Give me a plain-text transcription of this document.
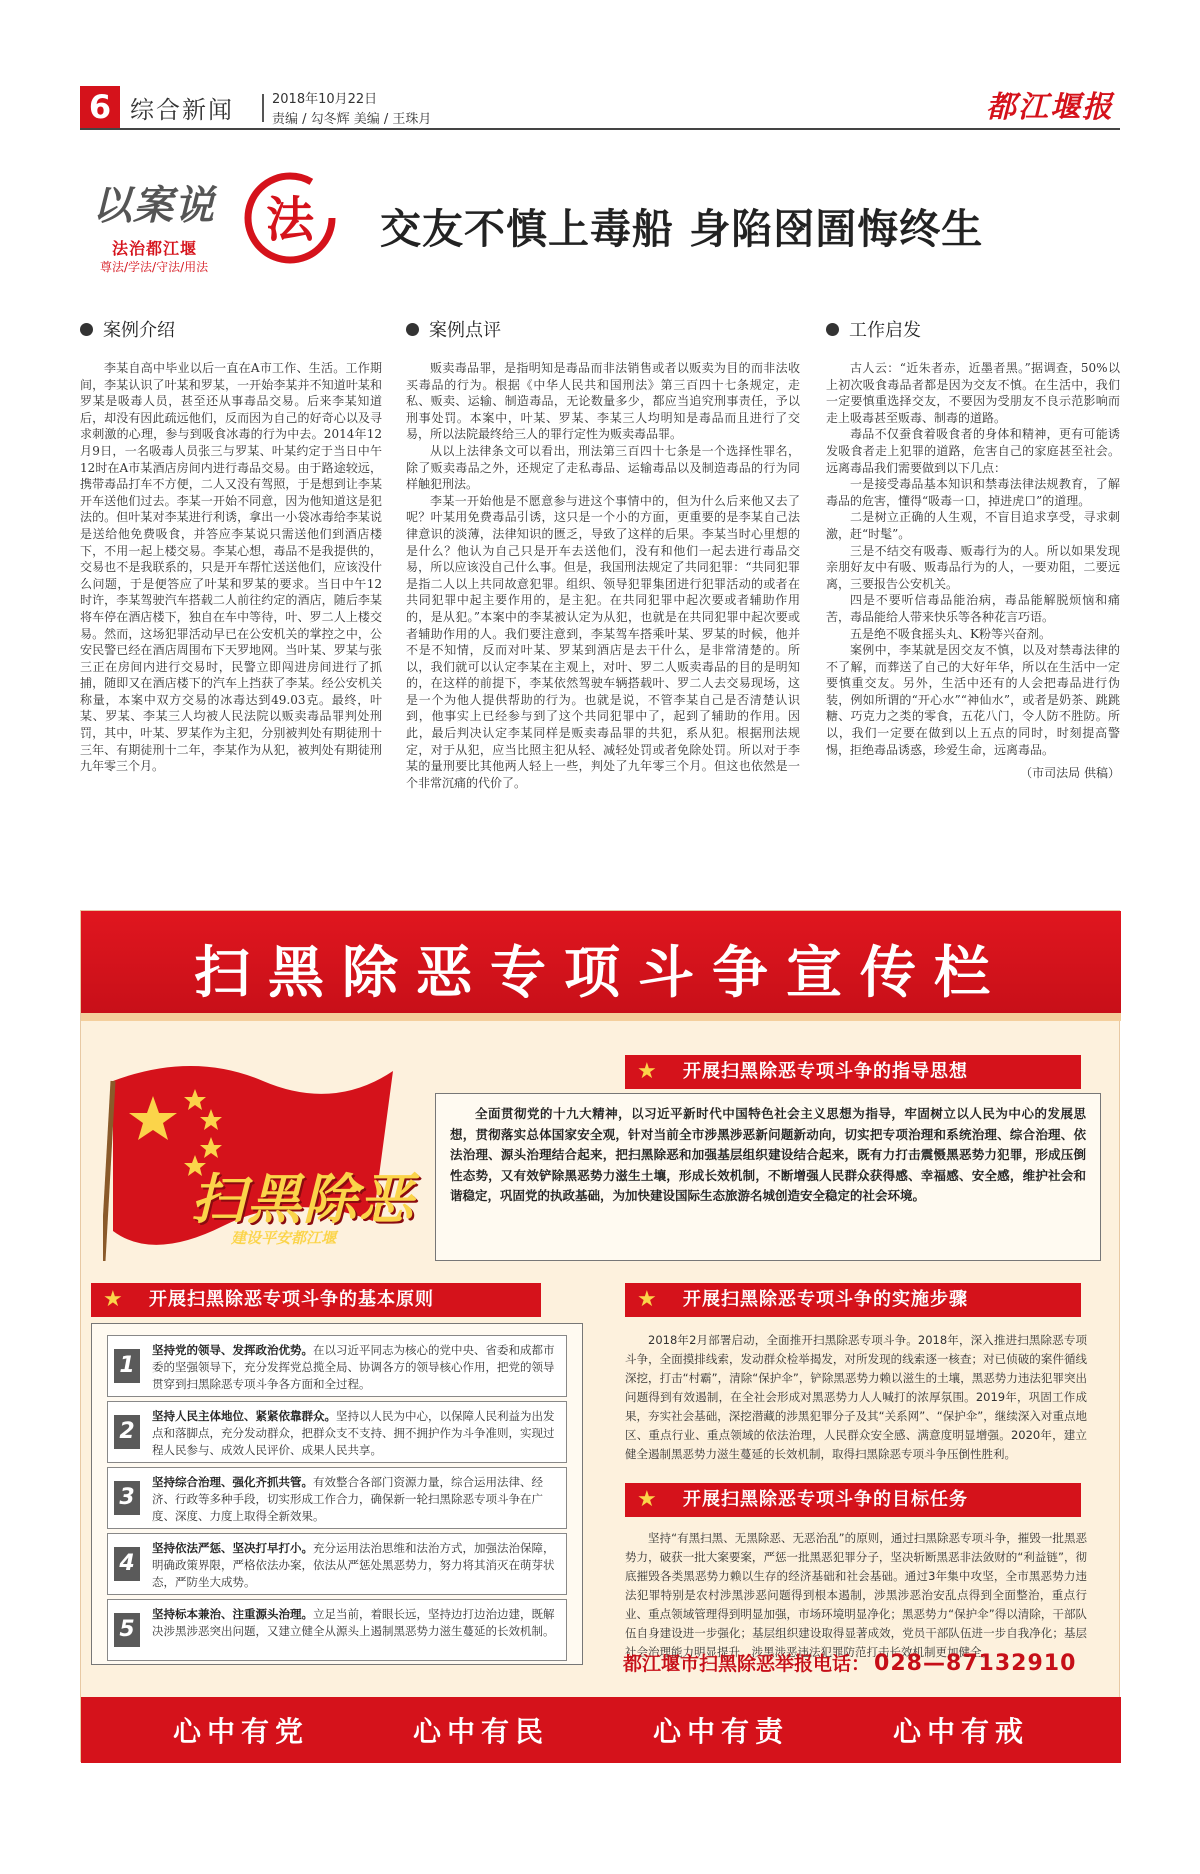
6 综合新闻	2018年10月22日
责编 / 勾冬辉 美编 / 王珠月	都江堰报
以案说 法
法治都江堰
尊法/学法/守法/用法
交友不慎上毒船 身陷囹圄悔终生
案例介绍

李某自高中毕业以后一直在A市工作、生活。工作期间，李某认识了叶某和罗某，一开始李某并不知道叶某和罗某是吸毒人员，甚至还从事毒品交易。后来李某知道后，却没有因此疏远他们，反而因为自己的好奇心以及寻求刺激的心理，参与到吸食冰毒的行为中去。2014年12月9日，一名吸毒人员张三与罗某、叶某约定于当日中午12时在A市某酒店房间内进行毒品交易。由于路途较远，携带毒品打车不方便，二人又没有驾照，于是想到让李某开车送他们过去。李某一开始不同意，因为他知道这是犯法的。但叶某对李某进行利诱，拿出一小袋冰毒给李某说是送给他免费吸食，并答应李某说只需送他们到酒店楼下，不用一起上楼交易。李某心想，毒品不是我提供的，交易也不是我联系的，只是开车帮忙送送他们，应该没什么问题，于是便答应了叶某和罗某的要求。当日中午12时许，李某驾驶汽车搭载二人前往约定的酒店，随后李某将车停在酒店楼下，独自在车中等待，叶、罗二人上楼交易。然而，这场犯罪活动早已在公安机关的掌控之中，公安民警已经在酒店周围布下天罗地网。当叶某、罗某与张三正在房间内进行交易时，民警立即闯进房间进行了抓捕，随即又在酒店楼下的汽车上挡获了李某。经公安机关称量，本案中双方交易的冰毒达到49.03克。最终，叶某、罗某、李某三人均被人民法院以贩卖毒品罪判处刑罚，其中，叶某、罗某作为主犯，分别被判处有期徒刑十三年、有期徒刑十二年，李某作为从犯，被判处有期徒刑九年零三个月。

案例点评

贩卖毒品罪，是指明知是毒品而非法销售或者以贩卖为目的而非法收买毒品的行为。根据《中华人民共和国刑法》第三百四十七条规定，走私、贩卖、运输、制造毒品，无论数量多少，都应当追究刑事责任，予以刑事处罚。本案中，叶某、罗某、李某三人均明知是毒品而且进行了交易，所以法院最终给三人的罪行定性为贩卖毒品罪。

从以上法律条文可以看出，刑法第三百四十七条是一个选择性罪名，除了贩卖毒品之外，还规定了走私毒品、运输毒品以及制造毒品的行为同样触犯刑法。

李某一开始他是不愿意参与进这个事情中的，但为什么后来他又去了呢？叶某用免费毒品引诱，这只是一个小的方面，更重要的是李某自己法律意识的淡薄，法律知识的匮乏，导致了这样的后果。李某当时心里想的是什么？他认为自己只是开车去送他们，没有和他们一起去进行毒品交易，所以应该没自己什么事。但是，我国刑法规定了共同犯罪：“共同犯罪是指二人以上共同故意犯罪。组织、领导犯罪集团进行犯罪活动的或者在共同犯罪中起主要作用的，是主犯。在共同犯罪中起次要或者辅助作用的，是从犯。”本案中的李某被认定为从犯，也就是在共同犯罪中起次要或者辅助作用的人。我们要注意到，李某驾车搭乘叶某、罗某的时候，他并不是不知情，反而对叶某、罗某到酒店是去干什么，是非常清楚的。所以，我们就可以认定李某在主观上，对叶、罗二人贩卖毒品的目的是明知的，在这样的前提下，李某依然驾驶车辆搭载叶、罗二人去交易现场，这是一个为他人提供帮助的行为。也就是说，不管李某自己是否清楚认识到，他事实上已经参与到了这个共同犯罪中了，起到了辅助的作用。因此，最后判决认定李某同样是贩卖毒品罪的共犯，系从犯。根据刑法规定，对于从犯，应当比照主犯从轻、减轻处罚或者免除处罚。所以对于李某的量刑要比其他两人轻上一些，判处了九年零三个月。但这也依然是一个非常沉痛的代价了。

工作启发

古人云：“近朱者赤，近墨者黑。”据调查，50%以上初次吸食毒品者都是因为交友不慎。在生活中，我们一定要慎重选择交友，不要因为受朋友不良示范影响而走上吸毒甚至贩毒、制毒的道路。

毒品不仅蚕食着吸食者的身体和精神，更有可能诱发吸食者走上犯罪的道路，危害自己的家庭甚至社会。远离毒品我们需要做到以下几点：

一是接受毒品基本知识和禁毒法律法规教育，了解毒品的危害，懂得“吸毒一口，掉进虎口”的道理。

二是树立正确的人生观，不盲目追求享受，寻求刺激，赶“时髦”。

三是不结交有吸毒、贩毒行为的人。所以如果发现亲朋好友中有吸、贩毒品行为的人，一要劝阻，二要远离，三要报告公安机关。

四是不要听信毒品能治病，毒品能解脱烦恼和痛苦，毒品能给人带来快乐等各种花言巧语。

五是绝不吸食摇头丸、K粉等兴奋剂。

案例中，李某就是因交友不慎，以及对禁毒法律的不了解，而葬送了自己的大好年华，所以在生活中一定要慎重交友。另外，生活中还有的人会把毒品进行伪装，例如所谓的“开心水”“神仙水”，或者是奶茶、跳跳糖、巧克力之类的零食，五花八门，令人防不胜防。所以，我们一定要在做到以上五点的同时，时刻提高警惕，拒绝毒品诱惑，珍爱生命，远离毒品。

（市司法局 供稿）
扫黑除恶专项斗争宣传栏
扫黑除恶
建设平安都江堰
★ 开展扫黑除恶专项斗争的指导思想

全面贯彻党的十九大精神，以习近平新时代中国特色社会主义思想为指导，牢固树立以人民为中心的发展思想，贯彻落实总体国家安全观，针对当前全市涉黑涉恶新问题新动向，切实把专项治理和系统治理、综合治理、依法治理、源头治理结合起来，把扫黑除恶和加强基层组织建设结合起来，既有力打击震慑黑恶势力犯罪，形成压倒性态势，又有效铲除黑恶势力滋生土壤，形成长效机制，不断增强人民群众获得感、幸福感、安全感，维护社会和谐稳定，巩固党的执政基础，为加快建设国际生态旅游名城创造安全稳定的社会环境。

★ 开展扫黑除恶专项斗争的基本原则
1
坚持党的领导、发挥政治优势。在以习近平同志为核心的党中央、省委和成都市委的坚强领导下，充分发挥党总揽全局、协调各方的领导核心作用，把党的领导贯穿到扫黑除恶专项斗争各方面和全过程。
2
坚持人民主体地位、紧紧依靠群众。坚持以人民为中心，以保障人民利益为出发点和落脚点，充分发动群众，把群众支不支持、拥不拥护作为斗争准则，实现过程人民参与、成效人民评价、成果人民共享。
3
坚持综合治理、强化齐抓共管。有效整合各部门资源力量，综合运用法律、经济、行政等多种手段，切实形成工作合力，确保新一轮扫黑除恶专项斗争在广度、深度、力度上取得全新效果。
4
坚持依法严惩、坚决打早打小。充分运用法治思维和法治方式，加强法治保障，明确政策界限，严格依法办案，依法从严惩处黑恶势力，努力将其消灭在萌芽状态，严防坐大成势。
5
坚持标本兼治、注重源头治理。立足当前，着眼长远，坚持边打边治边建，既解决涉黑涉恶突出问题，又建立健全从源头上遏制黑恶势力滋生蔓延的长效机制。
★ 开展扫黑除恶专项斗争的实施步骤

2018年2月部署启动，全面推开扫黑除恶专项斗争。2018年，深入推进扫黑除恶专项斗争，全面摸排线索，发动群众检举揭发，对所发现的线索逐一核查；对已侦破的案件循线深挖，打击“村霸”，清除“保护伞”，铲除黑恶势力赖以滋生的土壤，黑恶势力违法犯罪突出问题得到有效遏制，在全社会形成对黑恶势力人人喊打的浓厚氛围。2019年，巩固工作成果，夯实社会基础，深挖潜藏的涉黑犯罪分子及其“关系网”、“保护伞”，继续深入对重点地区、重点行业、重点领域的依法治理，人民群众安全感、满意度明显增强。2020年，建立健全遏制黑恶势力滋生蔓延的长效机制，取得扫黑除恶专项斗争压倒性胜利。

★ 开展扫黑除恶专项斗争的目标任务

坚持“有黑扫黑、无黑除恶、无恶治乱”的原则，通过扫黑除恶专项斗争，摧毁一批黑恶势力，破获一批大案要案，严惩一批黑恶犯罪分子，坚决斩断黑恶非法敛财的“利益链”，彻底摧毁各类黑恶势力赖以生存的经济基础和社会基础。通过3年集中攻坚，全市黑恶势力违法犯罪特别是农村涉黑涉恶问题得到根本遏制，涉黑涉恶治安乱点得到全面整治，重点行业、重点领域管理得到明显加强，市场环境明显净化；黑恶势力“保护伞”得以清除，干部队伍自身建设进一步强化；基层组织建设取得显著成效，党员干部队伍进一步自我净化；基层社会治理能力明显提升，涉黑涉恶违法犯罪防范打击长效机制更加健全。

都江堰市扫黑除恶举报电话： 028—87132910
心中有党	心中有民	心中有责	心中有戒
